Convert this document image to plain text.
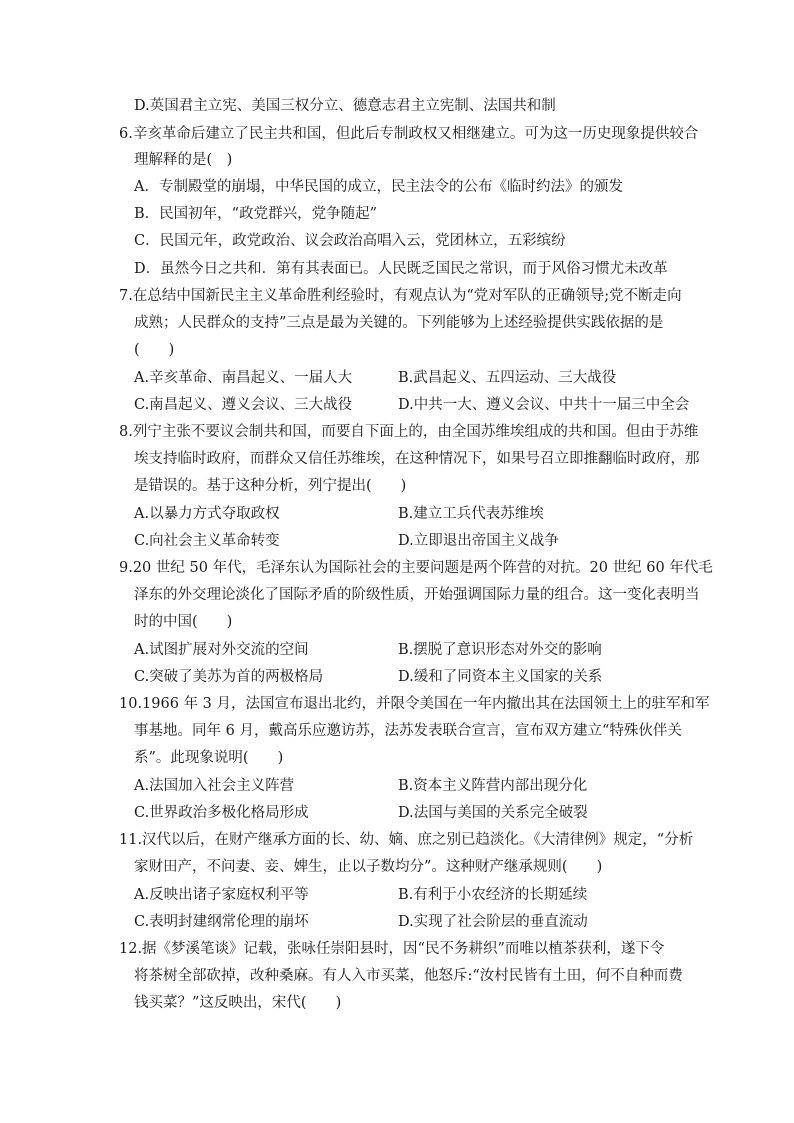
D.英国君主立宪、美国三权分立、德意志君主立宪制、法国共和制
6.辛亥革命后建立了民主共和国，但此后专制政权又相继建立。可为这一历史现象提供较合
理解释的是(　)
A．专制殿堂的崩塌，中华民国的成立，民主法令的公布《临时约法》的颁发
B．民国初年，“政党群兴，党争随起”
C．民国元年，政党政治、议会政治高唱入云，党团林立，五彩缤纷
D．虽然今日之共和．第有其表面已。人民既乏国民之常识，而于风俗习惯尤未改革
7.在总结中国新民主主义革命胜利经验时，有观点认为“党对军队的正确领导;党不断走向
成熟；人民群众的支持”三点是最为关键的。下列能够为上述经验提供实践依据的是
(　　)
A.辛亥革命、南昌起义、一届人大	B.武昌起义、五四运动、三大战役
C.南昌起义、遵义会议、三大战役	D.中共一大、遵义会议、中共十一届三中全会
8.列宁主张不要议会制共和国，而要自下面上的，由全国苏维埃组成的共和国。但由于苏维
埃支持临时政府，而群众又信任苏维埃，在这种情况下，如果号召立即推翻临时政府，那
是错误的。基于这种分析，列宁提出(　　)
A.以暴力方式夺取政权	B.建立工兵代表苏维埃
C.向社会主义革命转变	D.立即退出帝国主义战争
9.20 世纪 50 年代，毛泽东认为国际社会的主要问题是两个阵营的对抗。20 世纪 60 年代毛
泽东的外交理论淡化了国际矛盾的阶级性质，开始强调国际力量的组合。这一变化表明当
时的中国(　　)
A.试图扩展对外交流的空间	B.摆脱了意识形态对外交的影响
C.突破了美苏为首的两极格局	D.缓和了同资本主义国家的关系
10.1966 年 3 月，法国宣布退出北约，并限令美国在一年内撤出其在法国领土上的驻军和军
事基地。同年 6 月，戴高乐应邀访苏，法苏发表联合宣言，宣布双方建立“特殊伙伴关
系”。此现象说明(　　)
A.法国加入社会主义阵营	B.资本主义阵营内部出现分化
C.世界政治多极化格局形成	D.法国与美国的关系完全破裂
11.汉代以后，在财产继承方面的长、幼、嫡、庶之别已趋淡化。《大清律例》规定，“分析
家财田产，不问妻、妾、婢生，止以子数均分”。这种财产继承规则(　　)
A.反映出诸子家庭权利平等	B.有利于小农经济的长期延续
C.表明封建纲常伦理的崩坏	D.实现了社会阶层的垂直流动
12.据《梦溪笔谈》记载，张咏任崇阳县时，因“民不务耕织”而唯以植茶获利，遂下令
将茶树全部砍掉，改种桑麻。有人入市买菜，他怒斥:“汝村民皆有土田，何不自种而费
钱买菜？”这反映出，宋代(　　)
